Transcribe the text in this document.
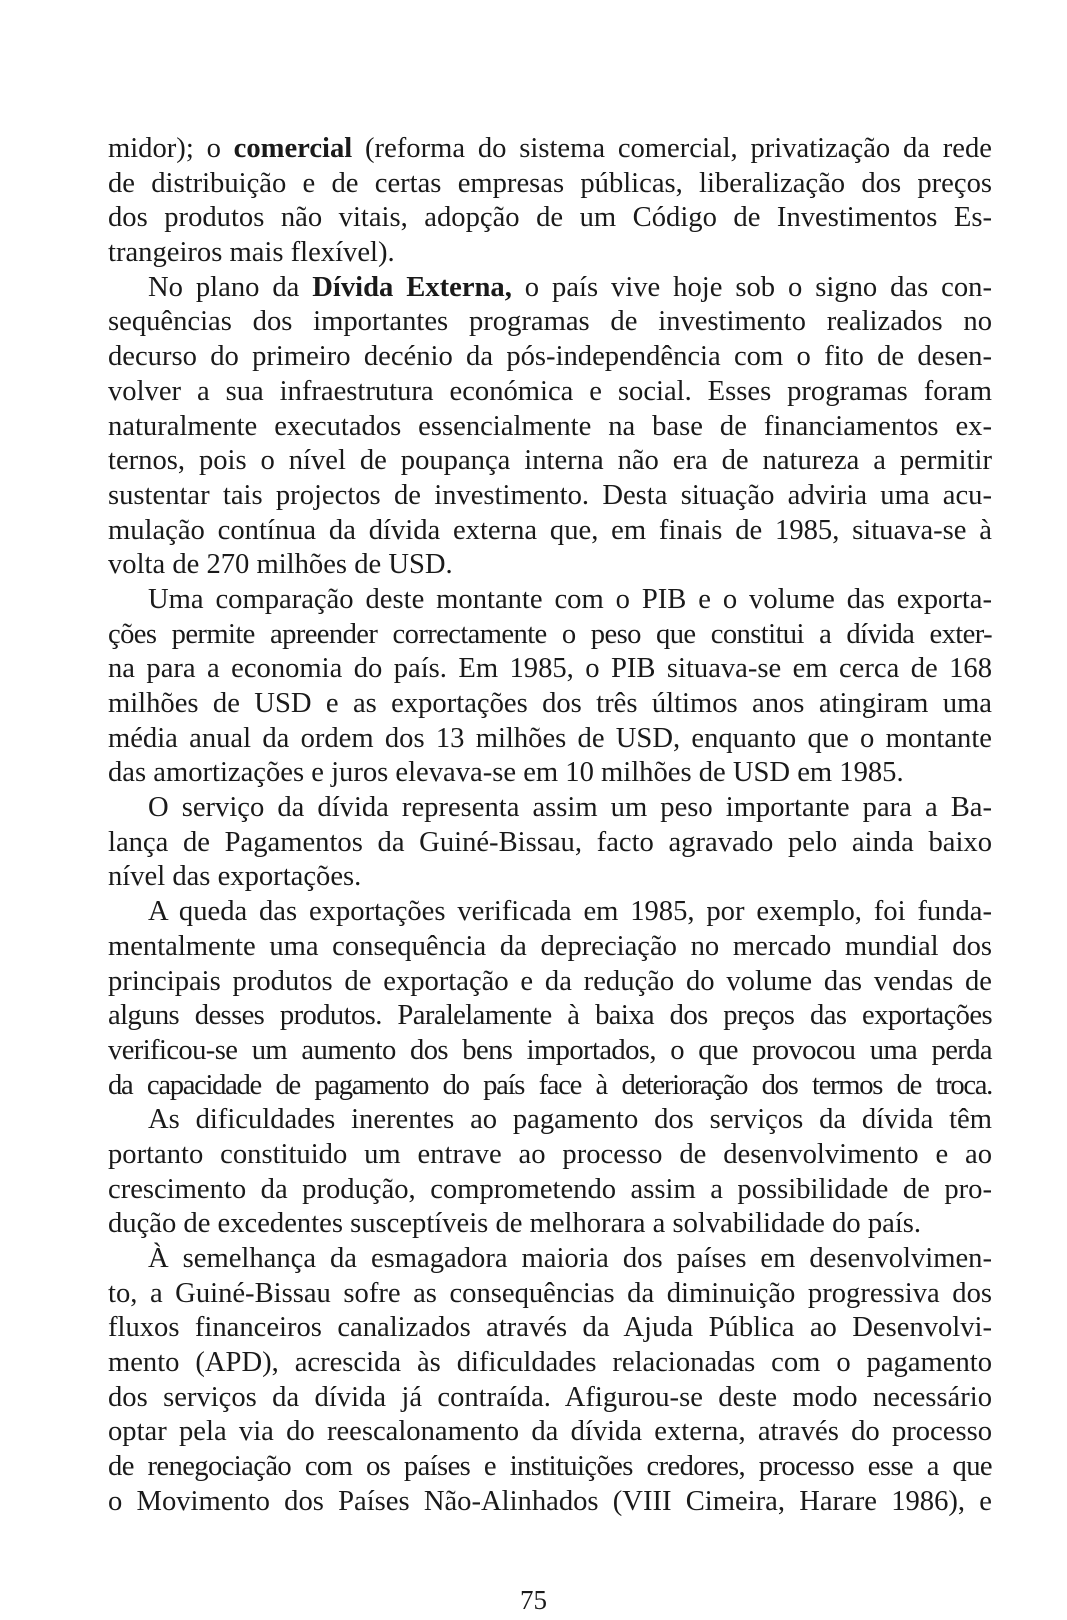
midor); o comercial (reforma do sistema comercial, privatização da rede
de distribuição e de certas empresas públicas, liberalização dos preços
dos produtos não vitais, adopção de um Código de Investimentos Es-
trangeiros mais flexível).
No plano da Dívida Externa, o país vive hoje sob o signo das con-
sequências dos importantes programas de investimento realizados no
decurso do primeiro decénio da pós-independência com o fito de desen-
volver a sua infraestrutura económica e social. Esses programas foram
naturalmente executados essencialmente na base de financiamentos ex-
ternos, pois o nível de poupança interna não era de natureza a permitir
sustentar tais projectos de investimento. Desta situação adviria uma acu-
mulação contínua da dívida externa que, em finais de 1985, situava-se à
volta de 270 milhões de USD.
Uma comparação deste montante com o PIB e o volume das exporta-
ções permite apreender correctamente o peso que constitui a dívida exter-
na para a economia do país. Em 1985, o PIB situava-se em cerca de 168
milhões de USD e as exportações dos três últimos anos atingiram uma
média anual da ordem dos 13 milhões de USD, enquanto que o montante
das amortizações e juros elevava-se em 10 milhões de USD em 1985.
O serviço da dívida representa assim um peso importante para a Ba-
lança de Pagamentos da Guiné-Bissau, facto agravado pelo ainda baixo
nível das exportações.
A queda das exportações verificada em 1985, por exemplo, foi funda-
mentalmente uma consequência da depreciação no mercado mundial dos
principais produtos de exportação e da redução do volume das vendas de
alguns desses produtos. Paralelamente à baixa dos preços das exportações
verificou-se um aumento dos bens importados, o que provocou uma perda
da capacidade de pagamento do país face à deterioração dos termos de troca.
As dificuldades inerentes ao pagamento dos serviços da dívida têm
portanto constituido um entrave ao processo de desenvolvimento e ao
crescimento da produção, comprometendo assim a possibilidade de pro-
dução de excedentes susceptíveis de melhorara a solvabilidade do país.
À semelhança da esmagadora maioria dos países em desenvolvimen-
to, a Guiné-Bissau sofre as consequências da diminuição progressiva dos
fluxos financeiros canalizados através da Ajuda Pública ao Desenvolvi-
mento (APD), acrescida às dificuldades relacionadas com o pagamento
dos serviços da dívida já contraída. Afigurou-se deste modo necessário
optar pela via do reescalonamento da dívida externa, através do processo
de renegociação com os países e instituições credores, processo esse a que
o Movimento dos Países Não-Alinhados (VIII Cimeira, Harare 1986), e
75
